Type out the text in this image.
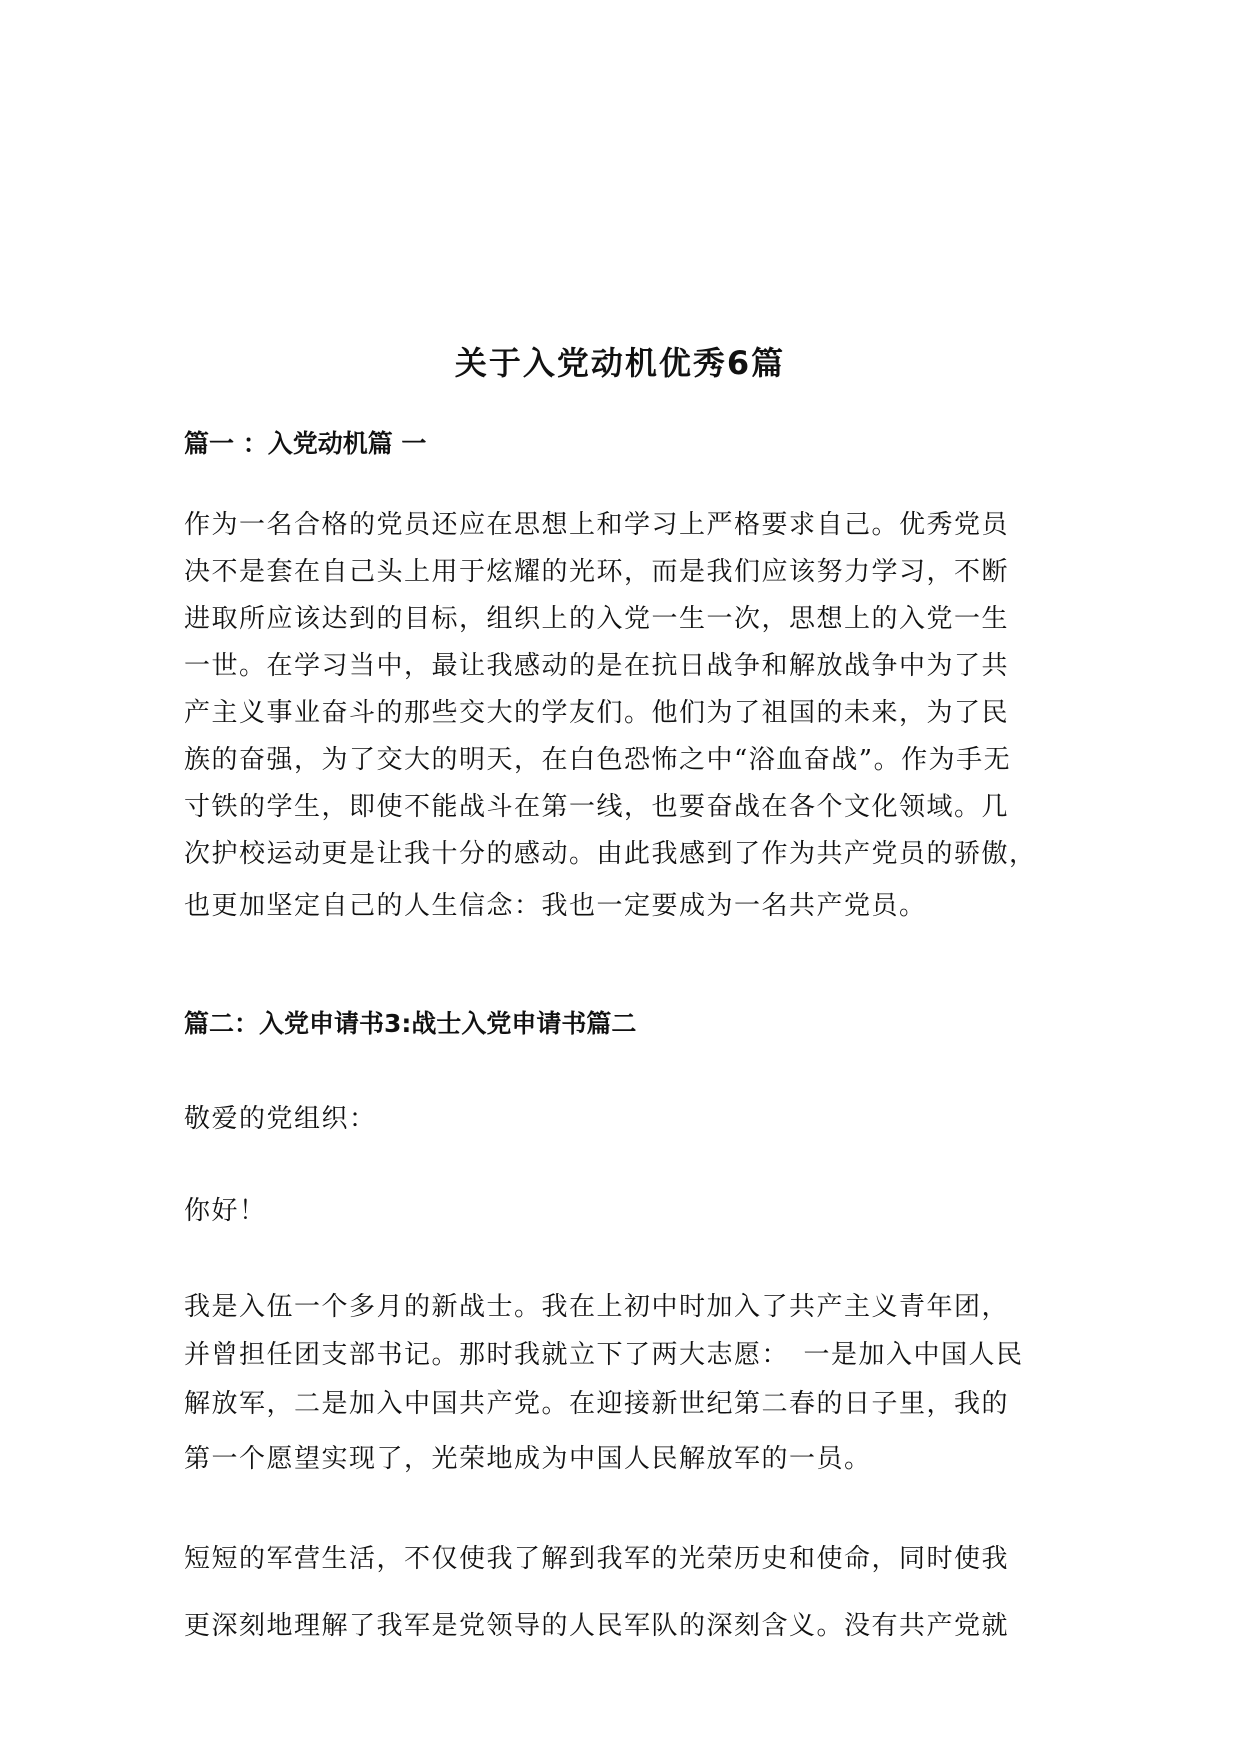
关于入党动机优秀6篇
篇一 ：入党动机篇 一

作为一名合格的党员还应在思想上和学习上严格要求自己。优秀党员

决不是套在自己头上用于炫耀的光环，而是我们应该努力学习，不断

进取所应该达到的目标，组织上的入党一生一次，思想上的入党一生

一世。在学习当中，最让我感动的是在抗日战争和解放战争中为了共

产主义事业奋斗的那些交大的学友们。他们为了祖国的未来，为了民

族的奋强，为了交大的明天，在白色恐怖之中“浴血奋战”。作为手无

寸铁的学生，即使不能战斗在第一线，也要奋战在各个文化领域。几

次护校运动更是让我十分的感动。由此我感到了作为共产党员的骄傲，

也更加坚定自己的人生信念：我也一定要成为一名共产党员。

篇二：入党申请书3:战士入党申请书篇二

敬爱的党组织：

你好！

我是入伍一个多月的新战士。我在上初中时加入了共产主义青年团，

并曾担任团支部书记。那时我就立下了两大志愿：　一是加入中国人民

解放军，二是加入中国共产党。在迎接新世纪第二春的日子里，我的

第一个愿望实现了，光荣地成为中国人民解放军的一员。

短短的军营生活，不仅使我了解到我军的光荣历史和使命，同时使我

更深刻地理解了我军是党领导的人民军队的深刻含义。没有共产党就
